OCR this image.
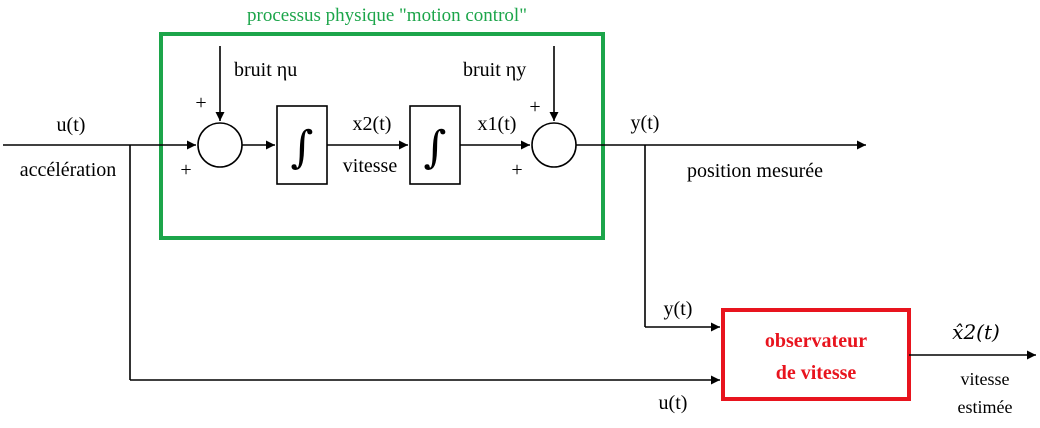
processus physique "motion control"
u(t)
accélération
+
+
bruit ηu
∫ x2(t)
vitesse ∫ x1(t)
+
+
bruit ηy
y(t)
position mesurée
u(t)
y(t)
observateur
de vitesse
x̂2(t)
vitesse
estimée
